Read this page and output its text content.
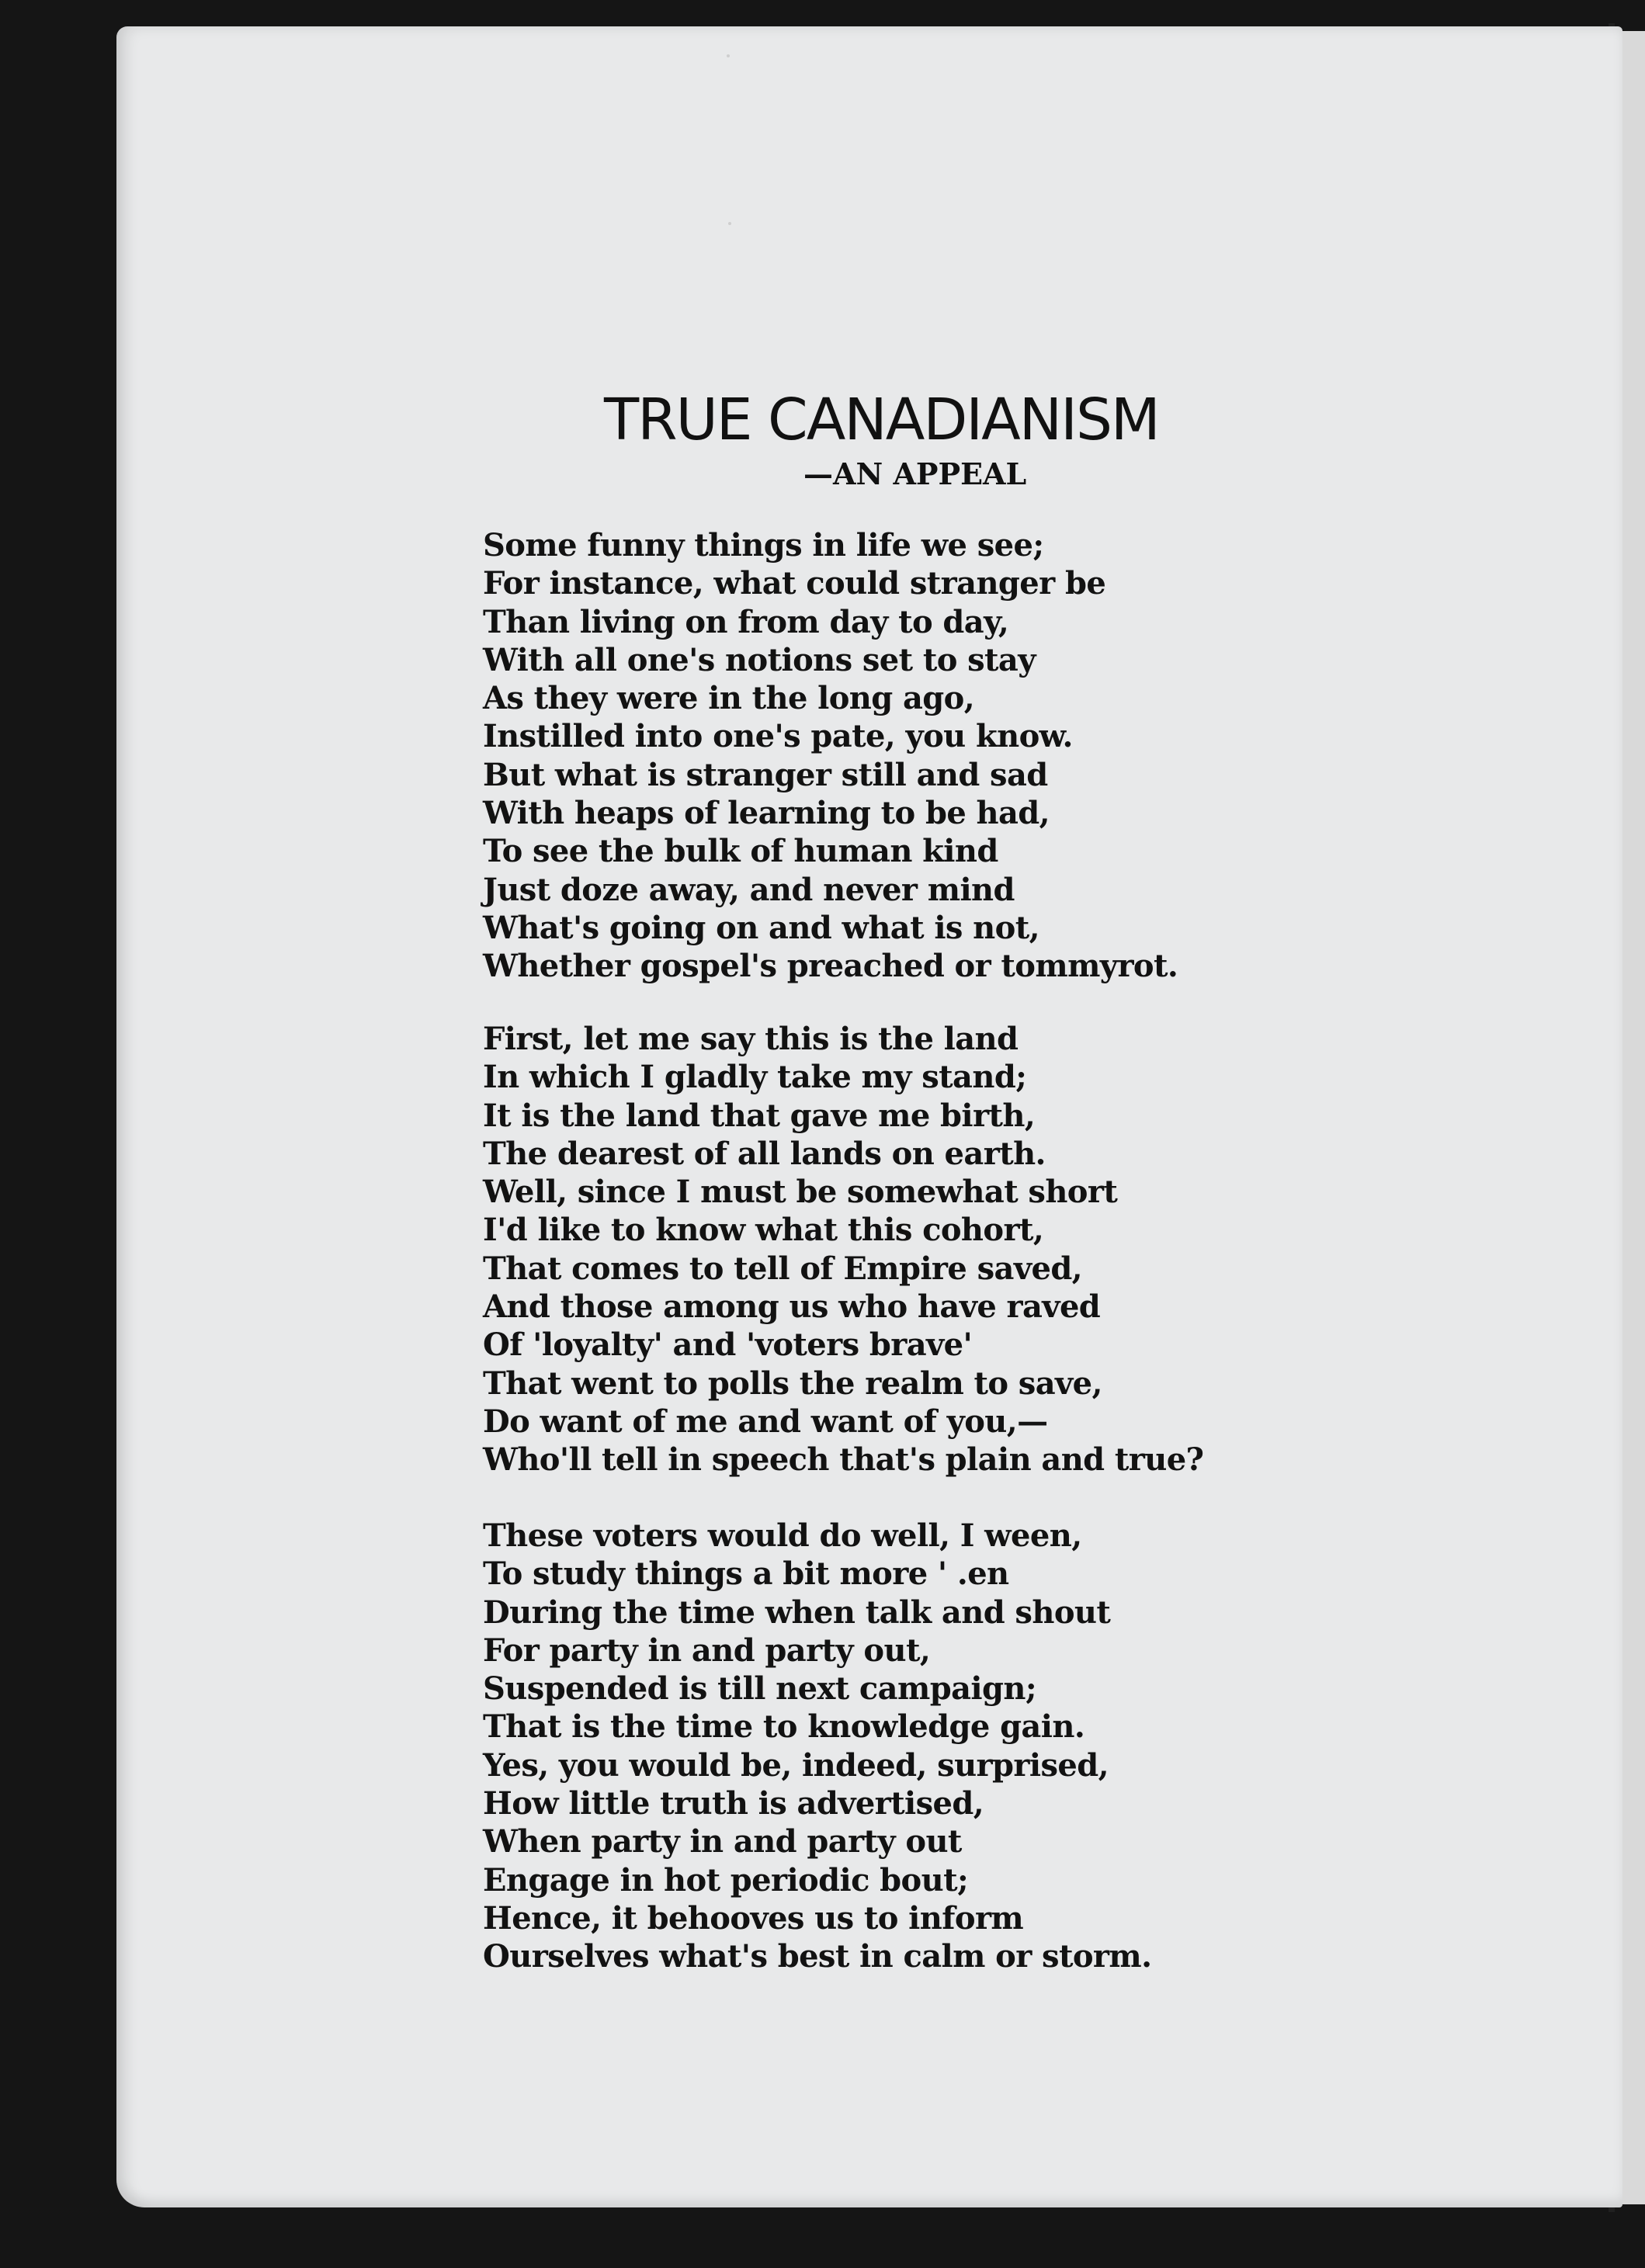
TRUE CANADIANISM
—AN APPEAL
Some funny things in life we see;
For instance, what could stranger be
Than living on from day to day,
With all one's notions set to stay
As they were in the long ago,
Instilled into one's pate, you know.
But what is stranger still and sad
With heaps of learning to be had,
To see the bulk of human kind
Just doze away, and never mind
What's going on and what is not,
Whether gospel's preached or tommyrot.
First, let me say this is the land
In which I gladly take my stand;
It is the land that gave me birth,
The dearest of all lands on earth.
Well, since I must be somewhat short
I'd like to know what this cohort,
That comes to tell of Empire saved,
And those among us who have raved
Of 'loyalty' and 'voters brave'
That went to polls the realm to save,
Do want of me and want of you,—
Who'll tell in speech that's plain and true?
These voters would do well, I ween,
To study things a bit more ' .en
During the time when talk and shout
For party in and party out,
Suspended is till next campaign;
That is the time to knowledge gain.
Yes, you would be, indeed, surprised,
How little truth is advertised,
When party in and party out
Engage in hot periodic bout;
Hence, it behooves us to inform
Ourselves what's best in calm or storm.
